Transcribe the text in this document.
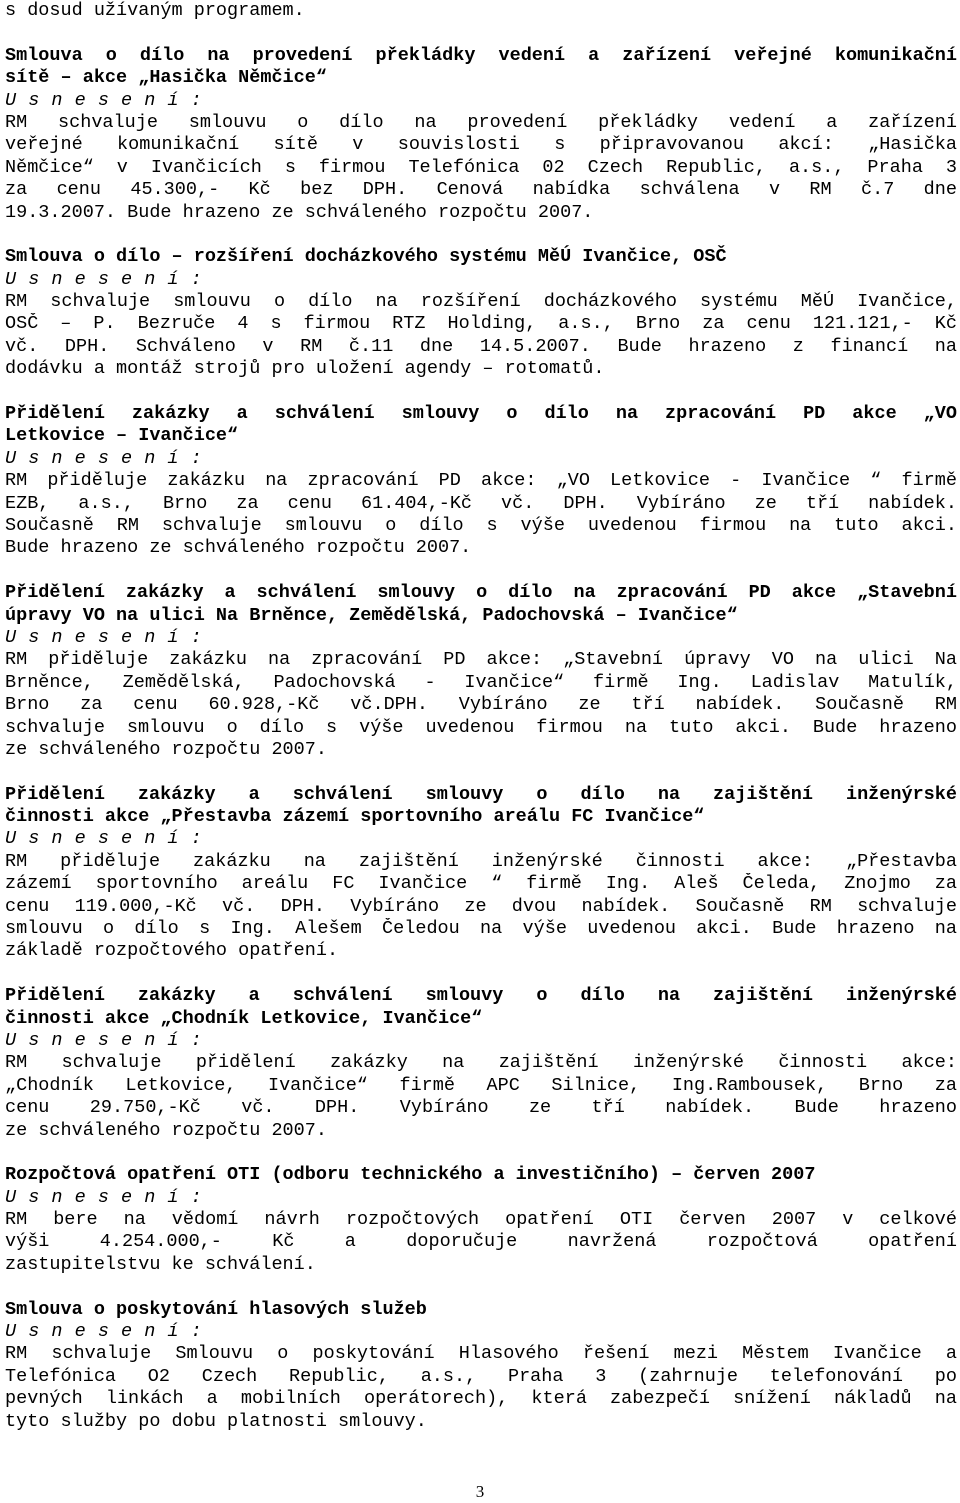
s dosud užívaným programem.
Smlouva o dílo na provedení překládky vedení a zařízení veřejné komunikační
sítě – akce „Hasička Němčice“
U s n e s e n í :
RM schvaluje smlouvu o dílo na provedení překládky vedení a zařízení
veřejné komunikační sítě v souvislosti s připravovanou akcí: „Hasička
Němčice“ v Ivančicích s firmou Telefónica 02 Czech Republic, a.s., Praha 3
za cenu 45.300,- Kč bez DPH. Cenová nabídka schválena v RM č.7 dne
19.3.2007. Bude hrazeno ze schváleného rozpočtu 2007.
Smlouva o dílo – rozšíření docházkového systému MěÚ Ivančice, OSČ
U s n e s e n í :
RM schvaluje smlouvu o dílo na rozšíření docházkového systému MěÚ Ivančice,
OSČ – P. Bezruče 4 s firmou RTZ Holding, a.s., Brno za cenu 121.121,- Kč
vč. DPH. Schváleno v RM č.11 dne 14.5.2007. Bude hrazeno z financí na
dodávku a montáž strojů pro uložení agendy – rotomatů.
Přidělení zakázky a schválení smlouvy o dílo na zpracování PD akce „VO
Letkovice – Ivančice“
U s n e s e n í :
RM přiděluje zakázku na zpracování PD akce: „VO Letkovice - Ivančice “ firmě
EZB, a.s., Brno za cenu 61.404,-Kč vč. DPH. Vybíráno ze tří nabídek.
Současně RM schvaluje smlouvu o dílo s výše uvedenou firmou na tuto akci.
Bude hrazeno ze schváleného rozpočtu 2007.
Přidělení zakázky a schválení smlouvy o dílo na zpracování PD akce „Stavební
úpravy VO na ulici Na Brněnce, Zemědělská, Padochovská – Ivančice“
U s n e s e n í :
RM přiděluje zakázku na zpracování PD akce: „Stavební úpravy VO na ulici Na
Brněnce, Zemědělská, Padochovská - Ivančice“ firmě Ing. Ladislav Matulík,
Brno za cenu 60.928,-Kč vč.DPH. Vybíráno ze tří nabídek. Současně RM
schvaluje smlouvu o dílo s výše uvedenou firmou na tuto akci. Bude hrazeno
ze schváleného rozpočtu 2007.
Přidělení zakázky a schválení smlouvy o dílo na zajištění inženýrské
činnosti akce „Přestavba zázemí sportovního areálu FC Ivančice“
U s n e s e n í :
RM přiděluje zakázku na zajištění inženýrské činnosti akce: „Přestavba
zázemí sportovního areálu FC Ivančice “ firmě Ing. Aleš Čeleda, Znojmo za
cenu 119.000,-Kč vč. DPH. Vybíráno ze dvou nabídek. Současně RM schvaluje
smlouvu o dílo s Ing. Alešem Čeledou na výše uvedenou akci. Bude hrazeno na
základě rozpočtového opatření.
Přidělení zakázky a schválení smlouvy o dílo na zajištění inženýrské
činnosti akce „Chodník Letkovice, Ivančice“
U s n e s e n í :
RM schvaluje přidělení zakázky na zajištění inženýrské činnosti akce:
„Chodník Letkovice, Ivančice“ firmě APC Silnice, Ing.Rambousek, Brno za
cenu 29.750,-Kč vč. DPH. Vybíráno ze tří nabídek. Bude hrazeno
ze schváleného rozpočtu 2007.
Rozpočtová opatření OTI (odboru technického a investičního) – červen 2007
U s n e s e n í :
RM bere na vědomí návrh rozpočtových opatření OTI červen 2007 v celkové
výši 4.254.000,- Kč a doporučuje navržená rozpočtová opatření
zastupitelstvu ke schválení.
Smlouva o poskytování hlasových služeb
U s n e s e n í :
RM schvaluje Smlouvu o poskytování Hlasového řešení mezi Městem Ivančice a
Telefónica O2 Czech Republic, a.s., Praha 3 (zahrnuje telefonování po
pevných linkách a mobilních operátorech), která zabezpečí snížení nákladů na
tyto služby po dobu platnosti smlouvy.
3
